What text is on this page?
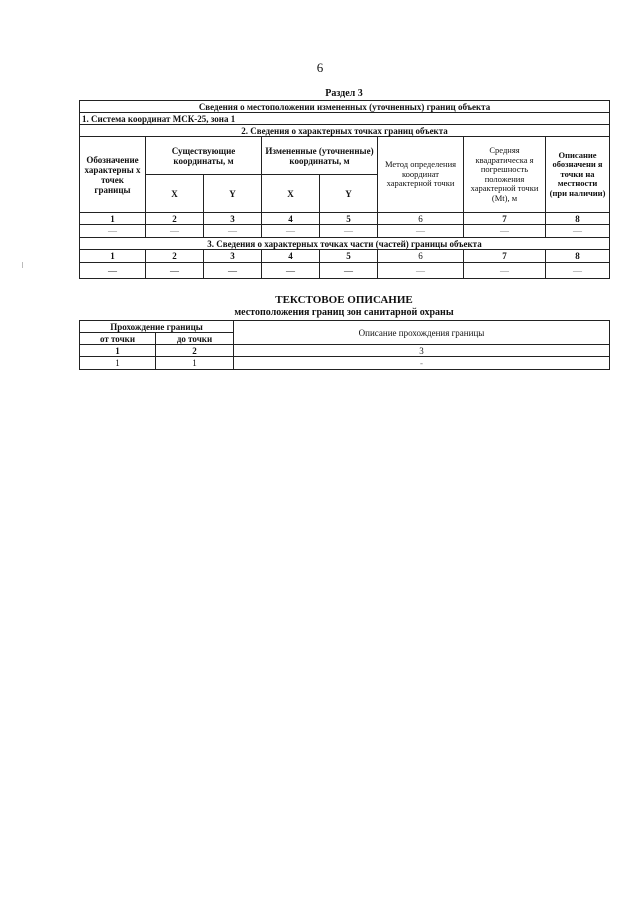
6
Раздел 3
Сведения о местоположении измененных (уточненных) границ объекта							
1. Система координат МСК-25, зона 1							
2. Сведения о характерных точках границ объекта							
Обозначение характерны х точек границы	Существующие координаты, м		Измененные (уточненные) координаты, м		Метод определения координат характерной точки	Средняя квадратическа я погрешность положения характерной точки (Mt), м	Описание обозначени я точки на местности (при наличии)
	X	Y	X	Y			
1	2	3	4	5	6	7	8
—	—	—	—	—	—	—	—
3. Сведения о характерных точках части (частей) границы объекта							
1	2	3	4	5	6	7	8
—	—	—	—	—	—	—	—
ТЕКСТОВОЕ ОПИСАНИЕ
местоположения границ зон санитарной охраны
Прохождение границы		Описание прохождения границы
от точки	до точки	
1	2	3
1	1	-
